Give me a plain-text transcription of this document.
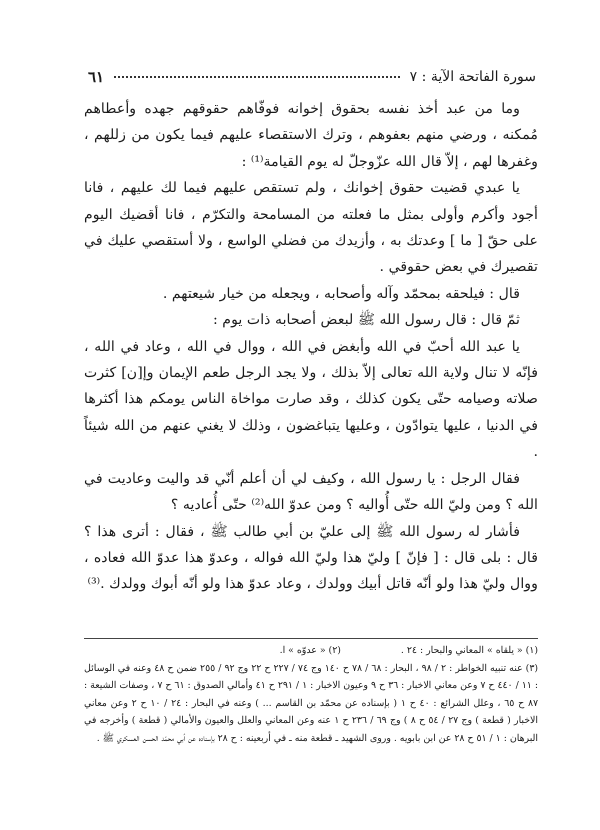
سورة الفاتحة الآية : ٧
٦١

وما من عبد أخذ نفسه بحقوق إخوانه فوفّاهم حقوقهم جهده وأعطاهم مُمكنه ، ورضي منهم بعفوهم ، وترك الاستقصاء عليهم فيما يكون من زللهم ، وغفرها لهم ، إلاّ قال الله عزّوجلّ له يوم القيامة⁽¹⁾ :

يا عبدي قضيت حقوق إخوانك ، ولم تستقص عليهم فيما لك عليهم ، فانا أجود وأكرم وأولى بمثل ما فعلته من المسامحة والتكرّم ، فانا أقضيك اليوم على حقّ [ ما ] وعدتك به ، وأزيدك من فضلي الواسع ، ولا أستقصي عليك في تقصيرك في بعض حقوقي .

قال : فيلحقه بمحمّد وآله وأصحابه ، ويجعله من خيار شيعتهم .

ثمّ قال : قال رسول الله ﷺ لبعض أصحابه ذات يوم :

يا عبد الله أحبّ في الله وأبغض في الله ، ووال في الله ، وعاد في الله ، فإنّه لا تنال ولاية الله تعالى إلاّ بذلك ، ولا يجد الرجل طعم الإيمان وإ[ن] كثرت صلاته وصيامه حتّى يكون كذلك ، وقد صارت مواخاة الناس يومكم هذا أكثرها في الدنيا ، عليها يتوادّون ، وعليها يتباغضون ، وذلك لا يغني عنهم من الله شيئاً .

فقال الرجل : يا رسول الله ، وكيف لي أن أعلم أنّي قد واليت وعاديت في الله ؟ ومن وليّ الله حتّى أُواليه ؟ ومن عدوّ الله⁽²⁾ حتّى أُعاديه ؟

فأشار له رسول الله ﷺ إلى عليّ بن أبي طالب ﷺ ، فقال : أترى هذا ؟ قال : بلى قال : [ فإنّ ] وليّ هذا وليّ الله فواله ، وعدوّ هذا عدوّ الله فعاده ، ووال وليّ هذا ولو أنّه قاتل أبيك وولدك ، وعاد عدوّ هذا ولو أنّه أبوك وولدك .⁽³⁾

(١) « يلقاه » المعاني والبحار : ٢٤ .

(٢) « عدوّه » ا.

(٣) عنه تنبيه الخواطر : ٢ / ٩٨ ، البحار : ٦٨ / ٧٨ ح ١٤٠ وج ٧٤ / ٢٢٧ ح ٢٢ وج ٩٢ / ٢٥٥ ضمن ح ٤٨ وعنه في الوسائل : ١١ / ٤٤٠ ح ٧ وعن معاني الاخبار : ٣٦ ح ٩ وعيون الاخبار : ١ / ٢٩١ ح ٤١ وأمالي الصدوق : ٦١ ح ٧ ، وصفات الشيعة : ٨٧ ح ٦٥ ، وعلل الشرائع : ٤٠ ح ١ ( بإسناده عن محمّد بن القاسم ... ) وعنه في البحار : ٢٤ / ١٠ ح ٢ وعن معاني الاخبار ( قطعة ) وج ٢٧ / ٥٤ ح ٨ ) وج ٦٩ / ٢٣٦ ح ١ عنه وعن المعاني والعلل والعيون والأمالي ( قطعة ) وأخرجه في البرهان : ١ / ٥١ ح ٢٨ عن ابن بابويه . وروى الشهيد ـ قطعة منه ـ في أربعينه : ح ٢٨ بإسناده عن أبي محمّد الحسن العسكري ﷺ .
